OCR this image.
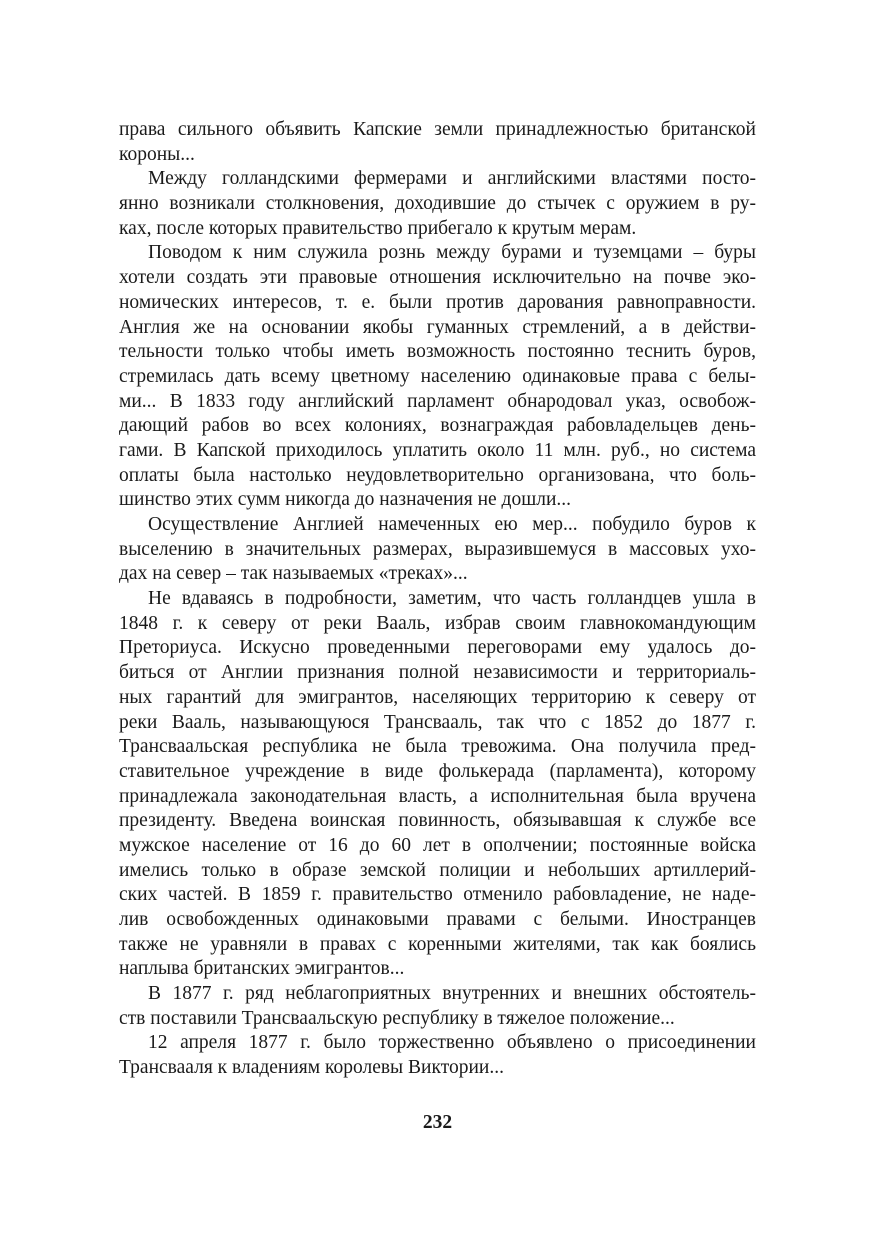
права сильного объявить Капские земли принадлежностью британской
короны...

Между голландскими фермерами и английскими властями посто-
янно возникали столкновения, доходившие до стычек с оружием в ру-
ках, после которых правительство прибегало к крутым мерам.

Поводом к ним служила рознь между бурами и туземцами – буры
хотели создать эти правовые отношения исключительно на почве эко-
номических интересов, т. е. были против дарования равноправности.
Англия же на основании якобы гуманных стремлений, а в действи-
тельности только чтобы иметь возможность постоянно теснить буров,
стремилась дать всему цветному населению одинаковые права с белы-
ми... В 1833 году английский парламент обнародовал указ, освобож-
дающий рабов во всех колониях, вознаграждая рабовладельцев день-
гами. В Капской приходилось уплатить около 11 млн. руб., но система
оплаты была настолько неудовлетворительно организована, что боль-
шинство этих сумм никогда до назначения не дошли...

Осуществление Англией намеченных ею мер... побудило буров к
выселению в значительных размерах, выразившемуся в массовых ухо-
дах на север – так называемых «треках»...

Не вдаваясь в подробности, заметим, что часть голландцев ушла в
1848 г. к северу от реки Вааль, избрав своим главнокомандующим
Преториуса. Искусно проведенными переговорами ему удалось до-
биться от Англии признания полной независимости и территориаль-
ных гарантий для эмигрантов, населяющих территорию к северу от
реки Вааль, называющуюся Трансвааль, так что с 1852 до 1877 г.
Трансваальская республика не была тревожима. Она получила пред-
ставительное учреждение в виде фолькерада (парламента), которому
принадлежала законодательная власть, а исполнительная была вручена
президенту. Введена воинская повинность, обязывавшая к службе все
мужское население от 16 до 60 лет в ополчении; постоянные войска
имелись только в образе земской полиции и небольших артиллерий-
ских частей. В 1859 г. правительство отменило рабовладение, не наде-
лив освобожденных одинаковыми правами с белыми. Иностранцев
также не уравняли в правах с коренными жителями, так как боялись
наплыва британских эмигрантов...

В 1877 г. ряд неблагоприятных внутренних и внешних обстоятель-
ств поставили Трансваальскую республику в тяжелое положение...

12 апреля 1877 г. было торжественно объявлено о присоединении
Трансвааля к владениям королевы Виктории...

232
